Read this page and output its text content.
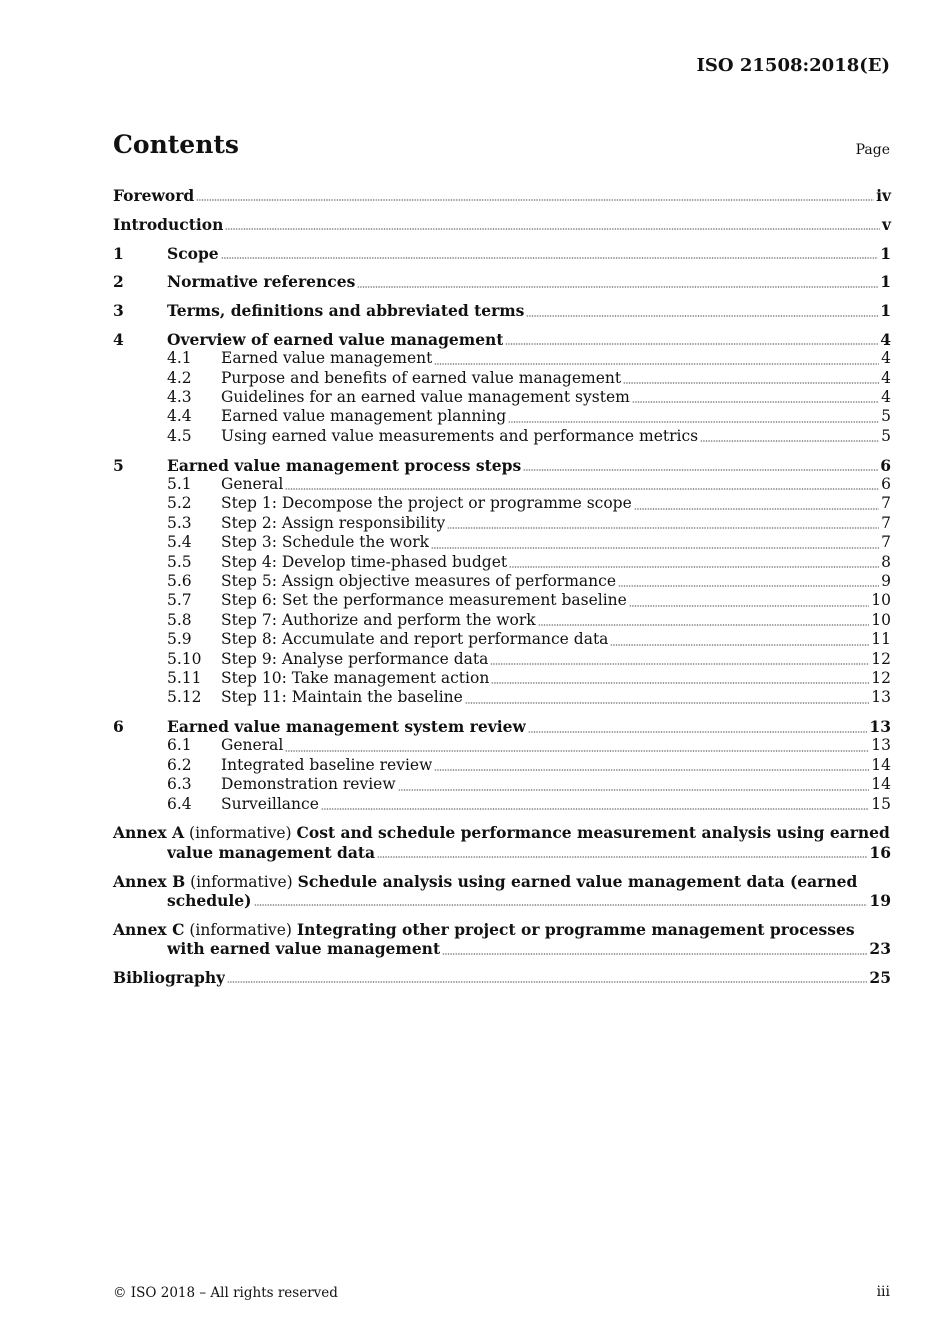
ISO 21508:2018(E)
Contents	Page
Foreword	iv
Introduction	v
1	Scope	1
2	Normative references	1
3	Terms, definitions and abbreviated terms	1
4	Overview of earned value management	4
4.1	Earned value management	4
4.2	Purpose and benefits of earned value management	4
4.3	Guidelines for an earned value management system	4
4.4	Earned value management planning	5
4.5	Using earned value measurements and performance metrics	5
5	Earned value management process steps	6
5.1	General	6
5.2	Step 1: Decompose the project or programme scope	7
5.3	Step 2: Assign responsibility	7
5.4	Step 3: Schedule the work	7
5.5	Step 4: Develop time-phased budget	8
5.6	Step 5: Assign objective measures of performance	9
5.7	Step 6: Set the performance measurement baseline	10
5.8	Step 7: Authorize and perform the work	10
5.9	Step 8: Accumulate and report performance data	11
5.10	Step 9: Analyse performance data	12
5.11	Step 10: Take management action	12
5.12	Step 11: Maintain the baseline	13
6	Earned value management system review	13
6.1	General	13
6.2	Integrated baseline review	14
6.3	Demonstration review	14
6.4	Surveillance	15
Annex A (informative) Cost and schedule performance measurement analysis using earned
value management data	16
Annex B (informative) Schedule analysis using earned value management data (earned
schedule)	19
Annex C (informative) Integrating other project or programme management processes
with earned value management	23
Bibliography	25
© ISO 2018 – All rights reserved	iii
